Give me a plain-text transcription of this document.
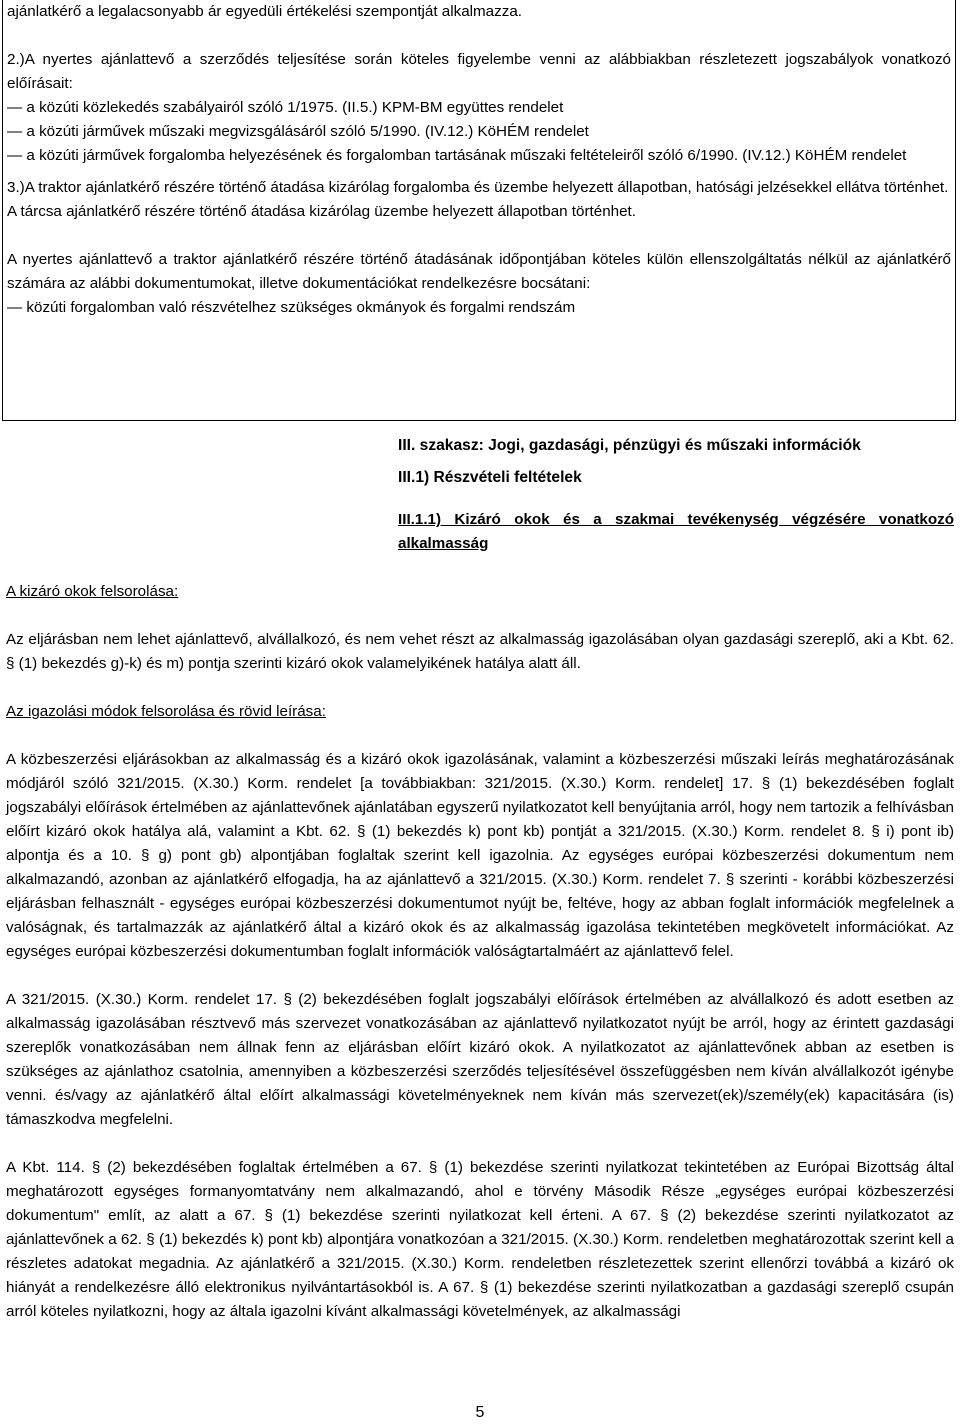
ajánlatkérő a legalacsonyabb ár egyedüli értékelési szempontját alkalmazza.

2.)A nyertes ajánlattevő a szerződés teljesítése során köteles figyelembe venni az alábbiakban részletezett jogszabályok vonatkozó előírásait:

— a közúti közlekedés szabályairól szóló 1/1975. (II.5.) KPM-BM együttes rendelet

— a közúti járművek műszaki megvizsgálásáról szóló 5/1990. (IV.12.) KöHÉM rendelet

— a közúti járművek forgalomba helyezésének és forgalomban tartásának műszaki feltételeiről szóló 6/1990. (IV.12.) KöHÉM rendelet

3.)A traktor ajánlatkérő részére történő átadása kizárólag forgalomba és üzembe helyezett állapotban, hatósági jelzésekkel ellátva történhet.

A tárcsa ajánlatkérő részére történő átadása kizárólag üzembe helyezett állapotban történhet.

A nyertes ajánlattevő a traktor ajánlatkérő részére történő átadásának időpontjában köteles külön ellenszolgáltatás nélkül az ajánlatkérő számára az alábbi dokumentumokat, illetve dokumentációkat rendelkezésre bocsátani:

— közúti forgalomban való részvételhez szükséges okmányok és forgalmi rendszám

III. szakasz: Jogi, gazdasági, pénzügyi és műszaki információk
III.1) Részvételi feltételek

III.1.1) Kizáró okok és a szakmai tevékenység végzésére vonatkozó alkalmasság

A kizáró okok felsorolása:

Az eljárásban nem lehet ajánlattevő, alvállalkozó, és nem vehet részt az alkalmasság igazolásában olyan gazdasági szereplő, aki a Kbt. 62. § (1) bekezdés g)-k) és m) pontja szerinti kizáró okok valamelyikének hatálya alatt áll.

Az igazolási módok felsorolása és rövid leírása:

A közbeszerzési eljárásokban az alkalmasság és a kizáró okok igazolásának, valamint a közbeszerzési műszaki leírás meghatározásának módjáról szóló 321/2015. (X.30.) Korm. rendelet [a továbbiakban: 321/2015. (X.30.) Korm. rendelet] 17. § (1) bekezdésében foglalt jogszabályi előírások értelmében az ajánlattevőnek ajánlatában egyszerű nyilatkozatot kell benyújtania arról, hogy nem tartozik a felhívásban előírt kizáró okok hatálya alá, valamint a Kbt. 62. § (1) bekezdés k) pont kb) pontját a 321/2015. (X.30.) Korm. rendelet 8. § i) pont ib) alpontja és a 10. § g) pont gb) alpontjában foglaltak szerint kell igazolnia. Az egységes európai közbeszerzési dokumentum nem alkalmazandó, azonban az ajánlatkérő elfogadja, ha az ajánlattevő a 321/2015. (X.30.) Korm. rendelet 7. § szerinti - korábbi közbeszerzési eljárásban felhasznált - egységes európai közbeszerzési dokumentumot nyújt be, feltéve, hogy az abban foglalt információk megfelelnek a valóságnak, és tartalmazzák az ajánlatkérő által a kizáró okok és az alkalmasság igazolása tekintetében megkövetelt információkat. Az egységes európai közbeszerzési dokumentumban foglalt információk valóságtartalmáért az ajánlattevő felel.

A 321/2015. (X.30.) Korm. rendelet 17. § (2) bekezdésében foglalt jogszabályi előírások értelmében az alvállalkozó és adott esetben az alkalmasság igazolásában résztvevő más szervezet vonatkozásában az ajánlattevő nyilatkozatot nyújt be arról, hogy az érintett gazdasági szereplők vonatkozásában nem állnak fenn az eljárásban előírt kizáró okok. A nyilatkozatot az ajánlattevőnek abban az esetben is szükséges az ajánlathoz csatolnia, amennyiben a közbeszerzési szerződés teljesítésével összefüggésben nem kíván alvállalkozót igénybe venni. és/vagy az ajánlatkérő által előírt alkalmassági követelményeknek nem kíván más szervezet(ek)/személy(ek) kapacitására (is) támaszkodva megfelelni.

A Kbt. 114. § (2) bekezdésében foglaltak értelmében a 67. § (1) bekezdése szerinti nyilatkozat tekintetében az Európai Bizottság által meghatározott egységes formanyomtatvány nem alkalmazandó, ahol e törvény Második Része „egységes európai közbeszerzési dokumentum" említ, az alatt a 67. § (1) bekezdése szerinti nyilatkozat kell érteni. A 67. § (2) bekezdése szerinti nyilatkozatot az ajánlattevőnek a 62. § (1) bekezdés k) pont kb) alpontjára vonatkozóan a 321/2015. (X.30.) Korm. rendeletben meghatározottak szerint kell a részletes adatokat megadnia. Az ajánlatkérő a 321/2015. (X.30.) Korm. rendeletben részletezettek szerint ellenőrzi továbbá a kizáró ok hiányát a rendelkezésre álló elektronikus nyilvántartásokból is. A 67. § (1) bekezdése szerinti nyilatkozatban a gazdasági szereplő csupán arról köteles nyilatkozni, hogy az általa igazolni kívánt alkalmassági követelmények, az alkalmassági

5
